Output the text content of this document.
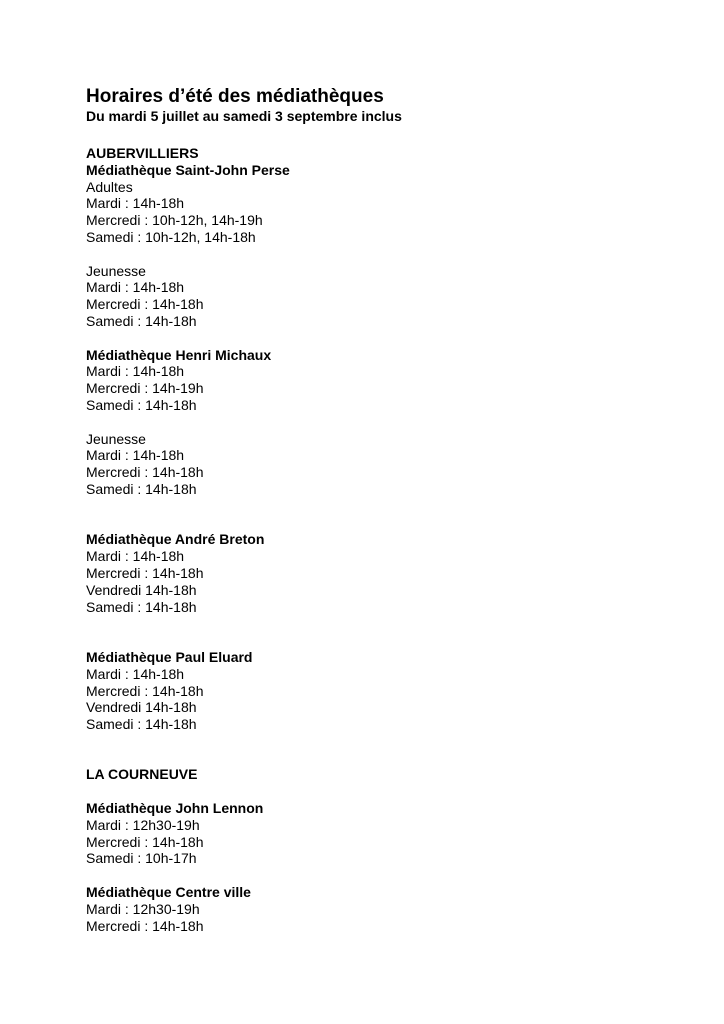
Horaires d’été des médiathèques

Du mardi 5 juillet au samedi 3 septembre inclus

AUBERVILLIERS

Médiathèque Saint-John Perse

Adultes

Mardi : 14h-18h

Mercredi : 10h-12h, 14h-19h

Samedi : 10h-12h, 14h-18h

Jeunesse

Mardi : 14h-18h

Mercredi : 14h-18h

Samedi : 14h-18h

Médiathèque Henri Michaux

Mardi : 14h-18h

Mercredi : 14h-19h

Samedi : 14h-18h

Jeunesse

Mardi : 14h-18h

Mercredi : 14h-18h

Samedi : 14h-18h

Médiathèque André Breton

Mardi : 14h-18h

Mercredi : 14h-18h

Vendredi 14h-18h

Samedi : 14h-18h

Médiathèque Paul Eluard

Mardi : 14h-18h

Mercredi : 14h-18h

Vendredi 14h-18h

Samedi : 14h-18h

LA COURNEUVE

Médiathèque John Lennon

Mardi : 12h30-19h

Mercredi : 14h-18h

Samedi : 10h-17h

Médiathèque Centre ville

Mardi : 12h30-19h

Mercredi : 14h-18h
